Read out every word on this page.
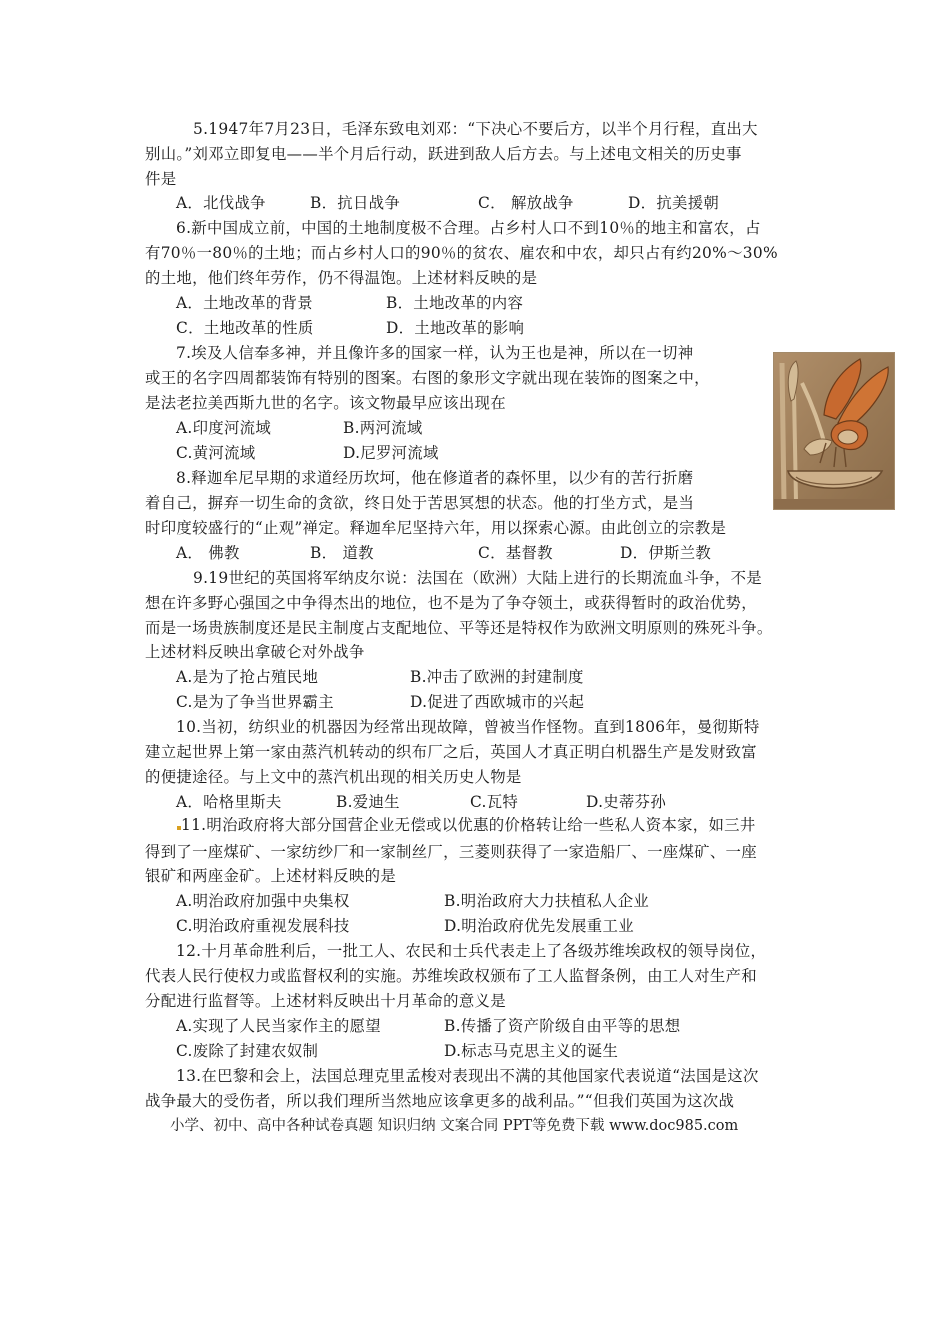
5.1947年7月23日，毛泽东致电刘邓：“下决心不要后方，以半个月行程，直出大
别山。”刘邓立即复电——半个月后行动，跃进到敌人后方去。与上述电文相关的历史事
件是
A．北伐战争	B．抗日战争	C． 解放战争	D．抗美援朝
6.新中国成立前，中国的土地制度极不合理。占乡村人口不到10％的地主和富农，占
有70％一80％的土地；而占乡村人口的90％的贫农、雇农和中农，却只占有约20%～30%
的土地，他们终年劳作，仍不得温饱。上述材料反映的是
A．土地改革的背景	B．土地改革的内容
C．土地改革的性质	D．土地改革的影响
7.埃及人信奉多神，并且像许多的国家一样，认为王也是神，所以在一切神
或王的名字四周都装饰有特别的图案。右图的象形文字就出现在装饰的图案之中，
是法老拉美西斯九世的名字。该文物最早应该出现在
A.印度河流域	B.两河流域
C.黄河流域	D.尼罗河流域
8.释迦牟尼早期的求道经历坎坷，他在修道者的森怀里，以少有的苦行折磨
着自己，摒弃一切生命的贪欲，终日处于苦思冥想的状态。他的打坐方式，是当
时印度较盛行的“止观”禅定。释迦牟尼坚持六年，用以探索心源。由此创立的宗教是
A． 佛教	B． 道教	C．基督教	D．伊斯兰教
9.19世纪的英国将军纳皮尔说：法国在（欧洲）大陆上进行的长期流血斗争，不是
想在许多野心强国之中争得杰出的地位，也不是为了争夺领土，或获得暂时的政治优势，
而是一场贵族制度还是民主制度占支配地位、平等还是特权作为欧洲文明原则的殊死斗争。
上述材料反映出拿破仑对外战争
A.是为了抢占殖民地	B.冲击了欧洲的封建制度
C.是为了争当世界霸主	D.促进了西欧城市的兴起
10.当初，纺织业的机器因为经常出现故障，曾被当作怪物。直到1806年，曼彻斯特
建立起世界上第一家由蒸汽机转动的织布厂之后，英国人才真正明白机器生产是发财致富
的便捷途径。与上文中的蒸汽机出现的相关历史人物是
A．哈格里斯夫	B.爱迪生	C.瓦特	D.史蒂芬孙
11.明治政府将大部分国营企业无偿或以优惠的价格转让给一些私人资本家，如三井
得到了一座煤矿、一家纺纱厂和一家制丝厂，三菱则获得了一家造船厂、一座煤矿、一座
银矿和两座金矿。上述材料反映的是
A.明治政府加强中央集权	B.明治政府大力扶植私人企业
C.明治政府重视发展科技	D.明治政府优先发展重工业
12.十月革命胜利后，一批工人、农民和士兵代表走上了各级苏维埃政权的领导岗位，
代表人民行使权力或监督权利的实施。苏维埃政权颁布了工人监督条例，由工人对生产和
分配进行监督等。上述材料反映出十月革命的意义是
A.实现了人民当家作主的愿望	B.传播了资产阶级自由平等的思想
C.废除了封建农奴制	D.标志马克思主义的诞生
13.在巴黎和会上，法国总理克里孟梭对表现出不满的其他国家代表说道“法国是这次
战争最大的受伤者，所以我们理所当然地应该拿更多的战利品。”“但我们英国为这次战
小学、初中、高中各种试卷真题 知识归纳 文案合同 PPT等免费下载 www.doc985.com
